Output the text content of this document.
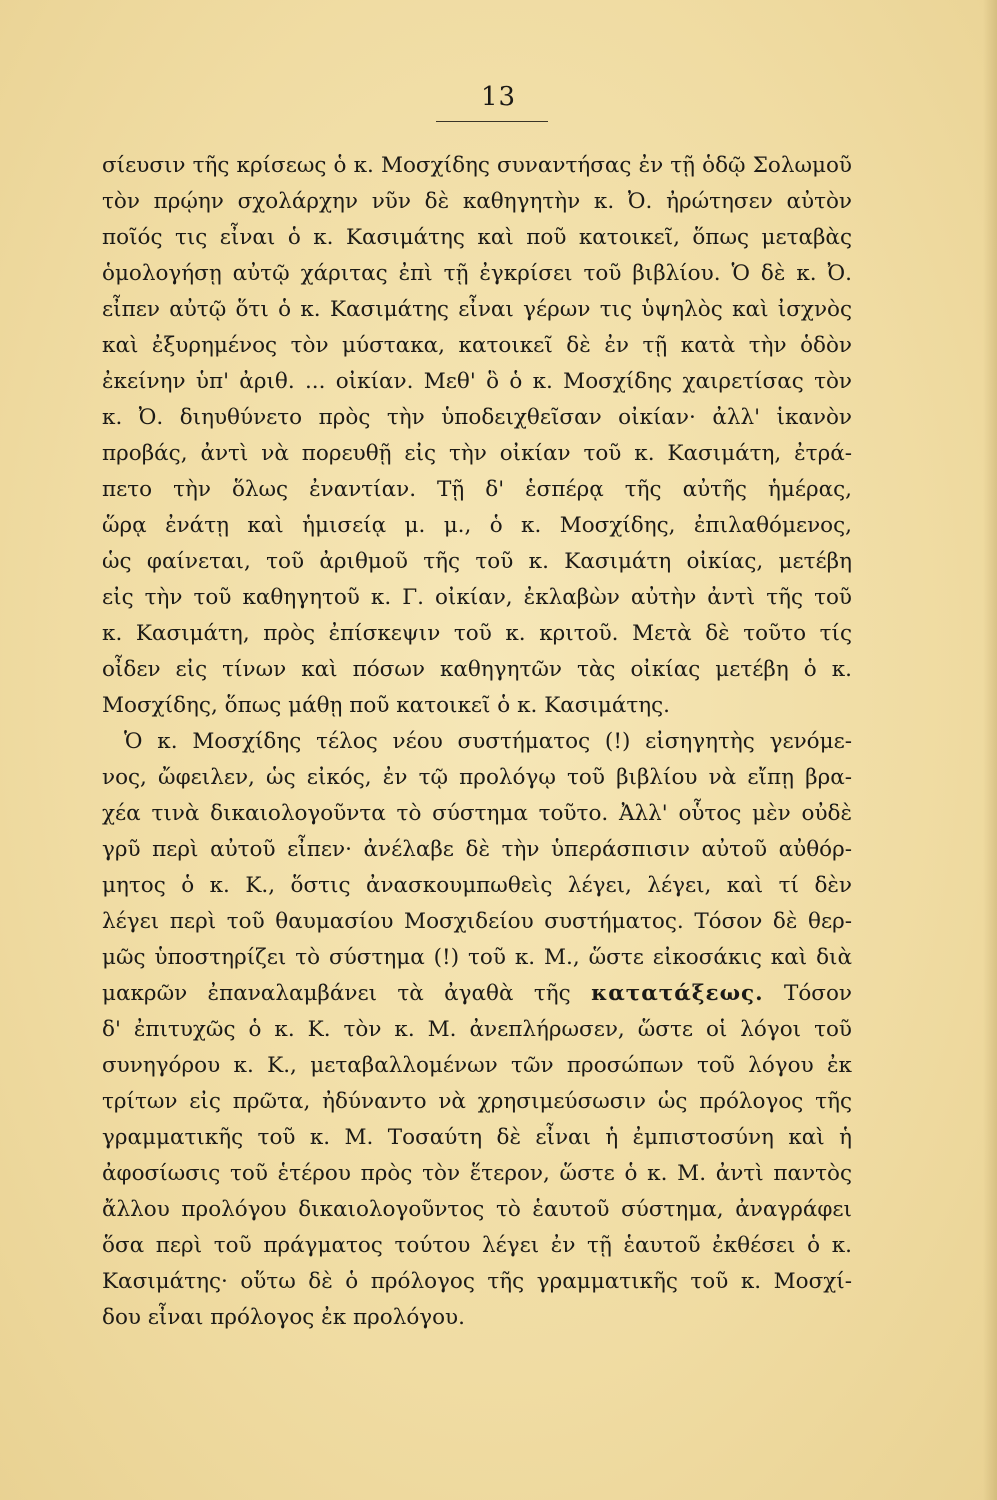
13
σίευσιν τῆς κρίσεως ὁ κ. Μοσχίδης συναντήσας ἐν τῇ ὁδῷ Σολωμοῦ
τὸν πρῴην σχολάρχην νῦν δὲ καθηγητὴν κ. Ὀ. ἠρώτησεν αὐτὸν
ποῖός τις εἶναι ὁ κ. Κασιμάτης καὶ ποῦ κατοικεῖ, ὅπως μεταβὰς
ὁμολογήσῃ αὐτῷ χάριτας ἐπὶ τῇ ἐγκρίσει τοῦ βιβλίου. Ὁ δὲ κ. Ὀ.
εἶπεν αὐτῷ ὅτι ὁ κ. Κασιμάτης εἶναι γέρων τις ὑψηλὸς καὶ ἰσχνὸς
καὶ ἐξυρημένος τὸν μύστακα, κατοικεῖ δὲ ἐν τῇ κατὰ τὴν ὁδὸν
ἐκείνην ὑπ' ἀριθ. ... οἰκίαν. Μεθ' ὃ ὁ κ. Μοσχίδης χαιρετίσας τὸν
κ. Ὀ. διηυθύνετο πρὸς τὴν ὑποδειχθεῖσαν οἰκίαν· ἀλλ' ἱκανὸν
προβάς, ἀντὶ νὰ πορευθῇ εἰς τὴν οἰκίαν τοῦ κ. Κασιμάτη, ἐτρά-
πετο τὴν ὅλως ἐναντίαν. Τῇ δ' ἑσπέρᾳ τῆς αὐτῆς ἡμέρας,
ὥρᾳ ἐνάτῃ καὶ ἡμισείᾳ μ. μ., ὁ κ. Μοσχίδης, ἐπιλαθόμενος,
ὡς φαίνεται, τοῦ ἀριθμοῦ τῆς τοῦ κ. Κασιμάτη οἰκίας, μετέβη
εἰς τὴν τοῦ καθηγητοῦ κ. Γ. οἰκίαν, ἐκλαβὼν αὐτὴν ἀντὶ τῆς τοῦ
κ. Κασιμάτη, πρὸς ἐπίσκεψιν τοῦ κ. κριτοῦ. Μετὰ δὲ τοῦτο τίς
οἶδεν εἰς τίνων καὶ πόσων καθηγητῶν τὰς οἰκίας μετέβη ὁ κ.
Μοσχίδης, ὅπως μάθῃ ποῦ κατοικεῖ ὁ κ. Κασιμάτης.
Ὁ κ. Μοσχίδης τέλος νέου συστήματος (!) εἰσηγητὴς γενόμε-
νος, ὤφειλεν, ὡς εἰκός, ἐν τῷ προλόγῳ τοῦ βιβλίου νὰ εἴπῃ βρα-
χέα τινὰ δικαιολογοῦντα τὸ σύστημα τοῦτο. Ἀλλ' οὗτος μὲν οὐδὲ
γρῦ περὶ αὐτοῦ εἶπεν· ἀνέλαβε δὲ τὴν ὑπεράσπισιν αὐτοῦ αὐθόρ-
μητος ὁ κ. Κ., ὅστις ἀνασκουμπωθεὶς λέγει, λέγει, καὶ τί δὲν
λέγει περὶ τοῦ θαυμασίου Μοσχιδείου συστήματος. Τόσον δὲ θερ-
μῶς ὑποστηρίζει τὸ σύστημα (!) τοῦ κ. Μ., ὥστε εἰκοσάκις καὶ διὰ
μακρῶν ἐπαναλαμβάνει τὰ ἀγαθὰ τῆς κατατάξεως. Τόσον
δ' ἐπιτυχῶς ὁ κ. Κ. τὸν κ. Μ. ἀνεπλήρωσεν, ὥστε οἱ λόγοι τοῦ
συνηγόρου κ. Κ., μεταβαλλομένων τῶν προσώπων τοῦ λόγου ἐκ
τρίτων εἰς πρῶτα, ἠδύναντο νὰ χρησιμεύσωσιν ὡς πρόλογος τῆς
γραμματικῆς τοῦ κ. Μ. Τοσαύτη δὲ εἶναι ἡ ἐμπιστοσύνη καὶ ἡ
ἀφοσίωσις τοῦ ἑτέρου πρὸς τὸν ἕτερον, ὥστε ὁ κ. Μ. ἀντὶ παντὸς
ἄλλου προλόγου δικαιολογοῦντος τὸ ἑαυτοῦ σύστημα, ἀναγράφει
ὅσα περὶ τοῦ πράγματος τούτου λέγει ἐν τῇ ἑαυτοῦ ἐκθέσει ὁ κ.
Κασιμάτης· οὕτω δὲ ὁ πρόλογος τῆς γραμματικῆς τοῦ κ. Μοσχί-
δου εἶναι πρόλογος ἐκ προλόγου.
